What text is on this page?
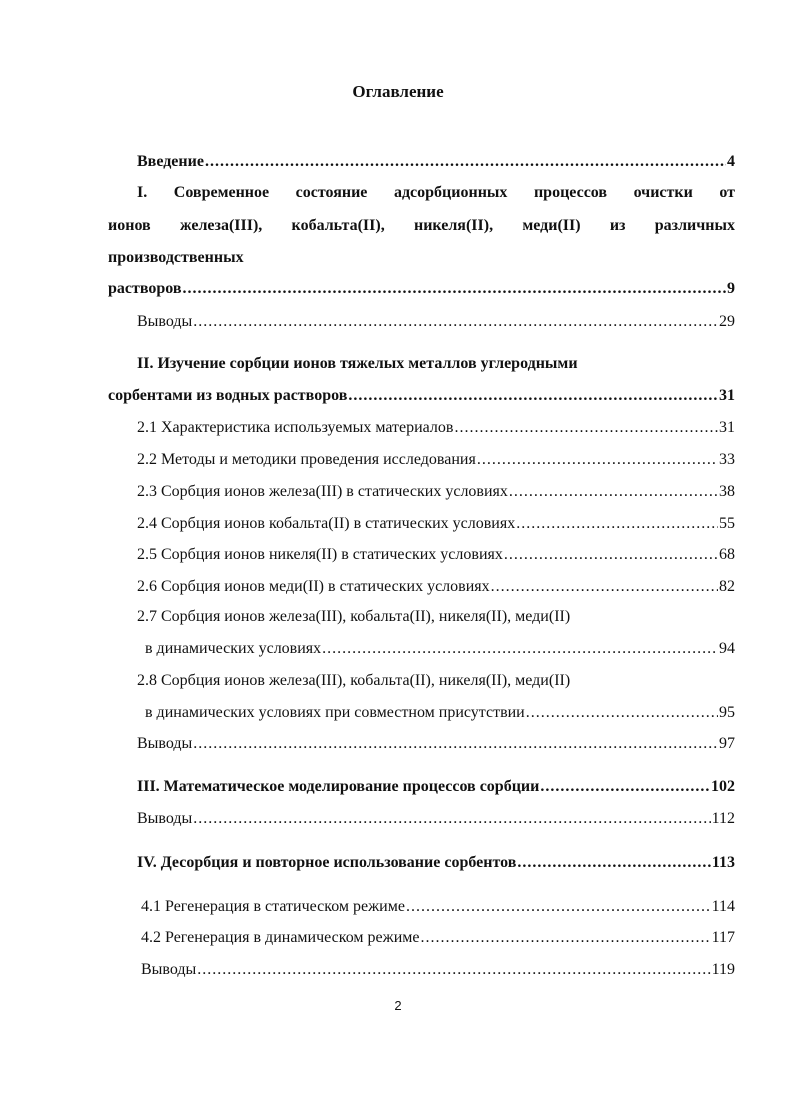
Оглавление
Введение .....	4
I. Современное состояние адсорбционных процессов очистки от
ионов железа(III), кобальта(II), никеля(II), меди(II) из различных
производственных
растворов .....	9
Выводы .....	29
II. Изучение сорбции ионов тяжелых металлов углеродными
сорбентами из водных растворов .....	31
2.1 Характеристика используемых материалов .....	31
2.2 Методы и методики проведения исследования .....	33
2.3 Сорбция ионов железа(III) в статических условиях .....	38
2.4 Сорбция ионов кобальта(II) в статических условиях .....	55
2.5 Сорбция ионов никеля(II) в статических условиях .....	68
2.6 Сорбция ионов меди(II) в статических условиях .....	82
2.7 Сорбция ионов железа(III), кобальта(II), никеля(II), меди(II)
в динамических условиях .....	94
2.8 Сорбция ионов железа(III), кобальта(II), никеля(II), меди(II)
в динамических условиях при совместном присутствии .....	95
Выводы .....	97
III. Математическое моделирование процессов сорбции .....	102
Выводы .....	112
IV. Десорбция и повторное использование сорбентов .....	113
4.1 Регенерация в статическом режиме .....	114
4.2 Регенерация в динамическом режиме .....	117
Выводы .....	119
2
